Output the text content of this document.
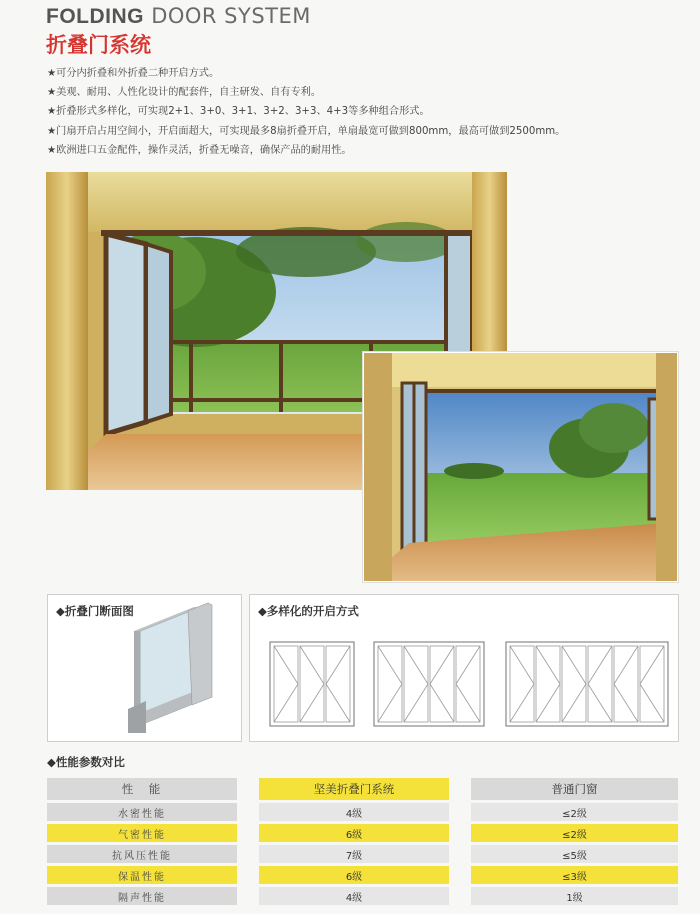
FOLDING DOOR SYSTEM
折叠门系统
★可分内折叠和外折叠二种开启方式。
★美观、耐用、人性化设计的配套件，自主研发、自有专利。
★折叠形式多样化，可实现2+1、3+0、3+1、3+2、3+3、4+3等多种组合形式。
★门扇开启占用空间小，开启面超大，可实现最多8扇折叠开启，单扇最宽可做到800mm，最高可做到2500mm。
★欧洲进口五金配件，操作灵活，折叠无噪音，确保产品的耐用性。
◆折叠门断面图	◆多样化的开启方式
◆性能参数对比
性　能		坚美折叠门系统		普通门窗
水密性能		4级		≤2级
气密性能		6级		≤2级
抗风压性能		7级		≤5级
保温性能		6级		≤3级
隔声性能		4级		1级
